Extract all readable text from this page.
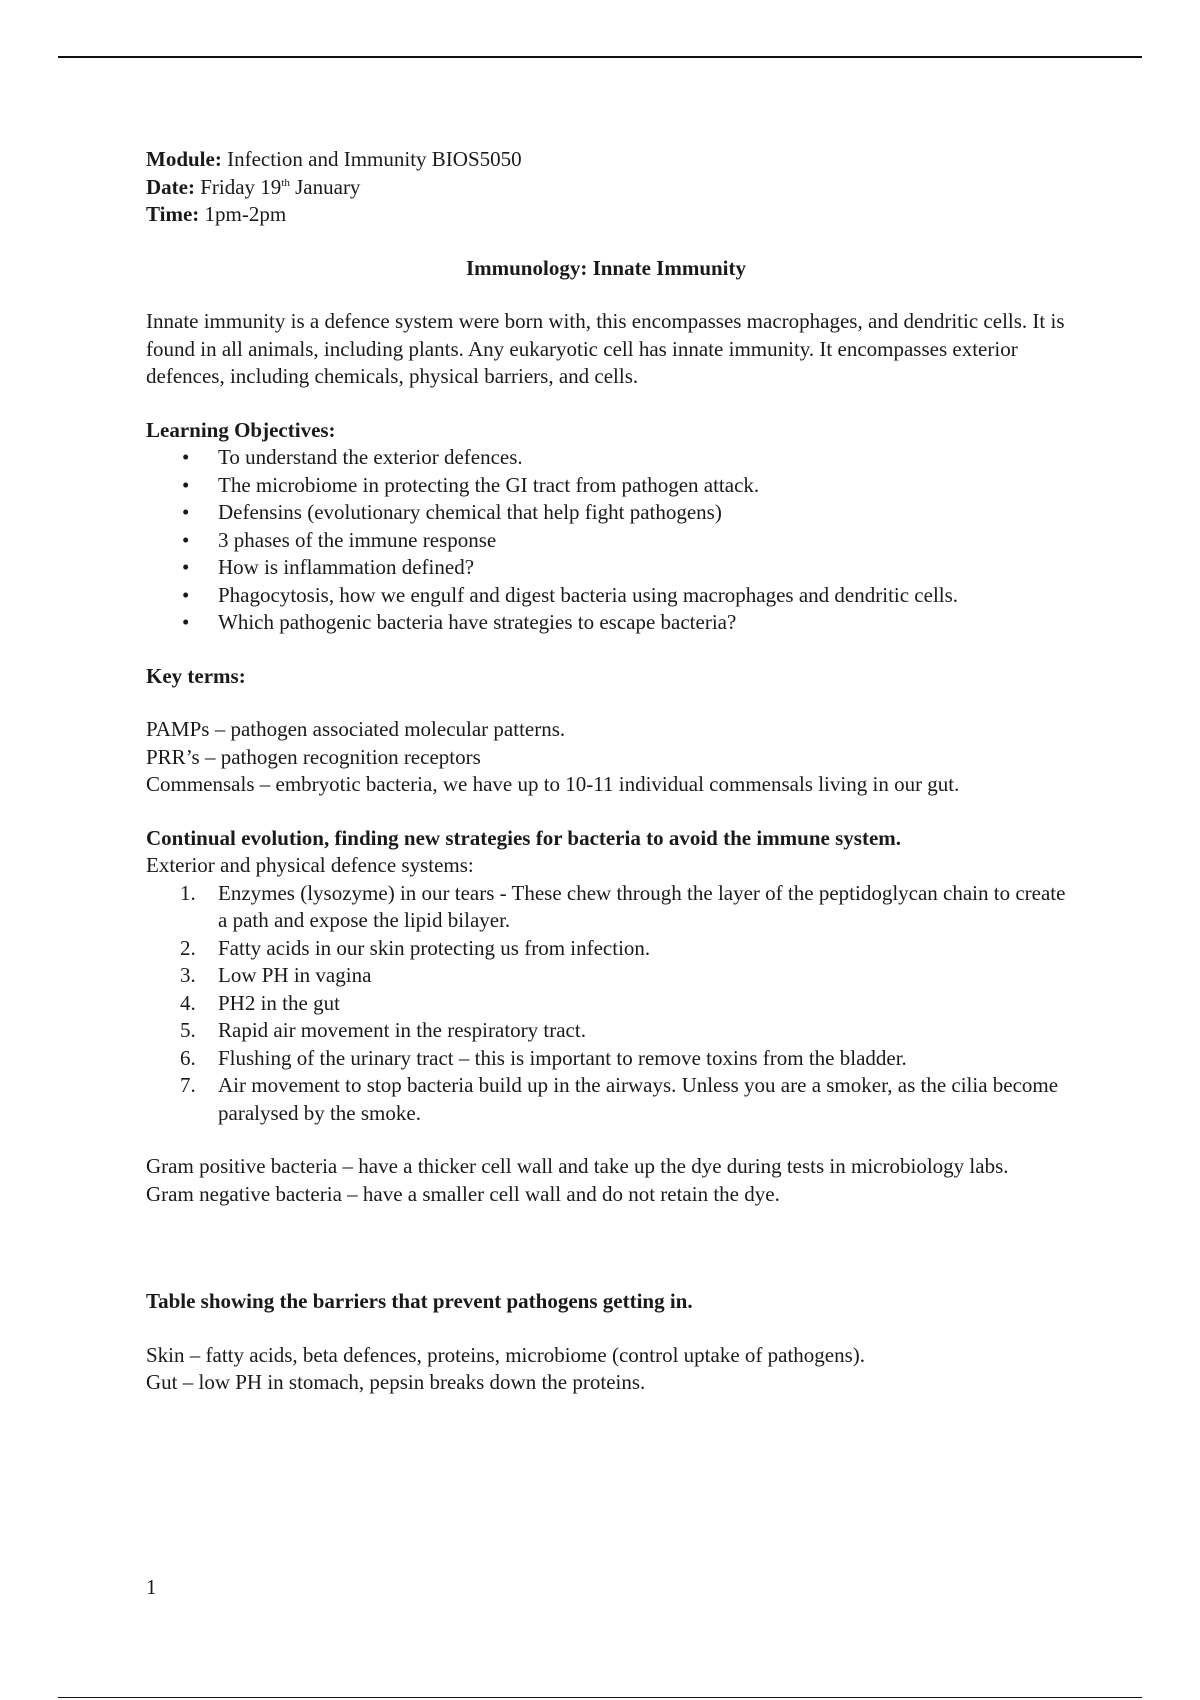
Module: Infection and Immunity BIOS5050

Date: Friday 19th January

Time: 1pm-2pm

Immunology: Innate Immunity

Innate immunity is a defence system were born with, this encompasses macrophages, and dendritic cells. It is found in all animals, including plants. Any eukaryotic cell has innate immunity. It encompasses exterior defences, including chemicals, physical barriers, and cells.

Learning Objectives:

• To understand the exterior defences.
• The microbiome in protecting the GI tract from pathogen attack.
• Defensins (evolutionary chemical that help fight pathogens)
• 3 phases of the immune response
• How is inflammation defined?
• Phagocytosis, how we engulf and digest bacteria using macrophages and dendritic cells.
• Which pathogenic bacteria have strategies to escape bacteria?

Key terms:

PAMPs – pathogen associated molecular patterns.

PRR’s – pathogen recognition receptors

Commensals – embryotic bacteria, we have up to 10-11 individual commensals living in our gut.

Continual evolution, finding new strategies for bacteria to avoid the immune system.

Exterior and physical defence systems:

1. Enzymes (lysozyme) in our tears - These chew through the layer of the peptidoglycan chain to create a path and expose the lipid bilayer.
2. Fatty acids in our skin protecting us from infection.
3. Low PH in vagina
4. PH2 in the gut
5. Rapid air movement in the respiratory tract.
6. Flushing of the urinary tract – this is important to remove toxins from the bladder.
7. Air movement to stop bacteria build up in the airways. Unless you are a smoker, as the cilia become paralysed by the smoke.

Gram positive bacteria – have a thicker cell wall and take up the dye during tests in microbiology labs.

Gram negative bacteria – have a smaller cell wall and do not retain the dye.

Table showing the barriers that prevent pathogens getting in.

Skin – fatty acids, beta defences, proteins, microbiome (control uptake of pathogens).

Gut – low PH in stomach, pepsin breaks down the proteins.

1
